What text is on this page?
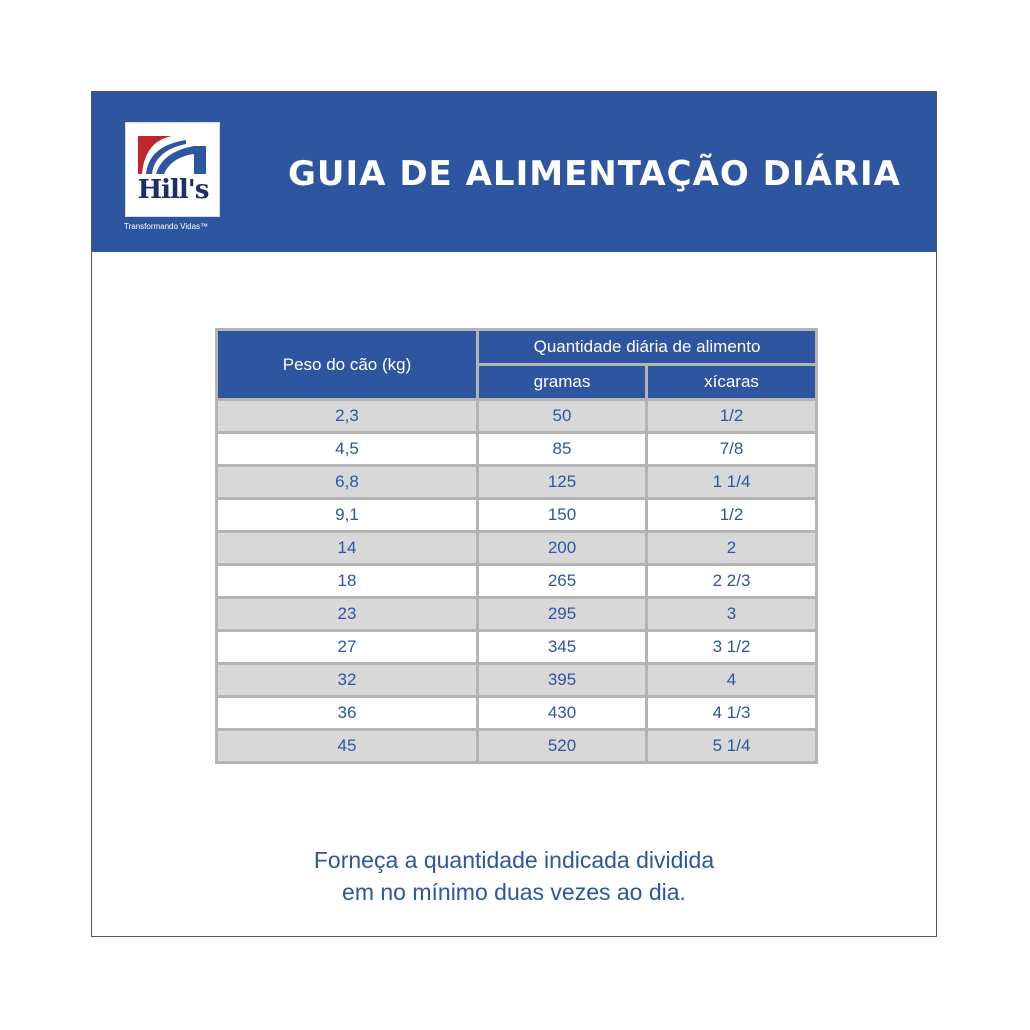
Hill's
Transformando Vidas™
GUIA DE ALIMENTAÇÃO DIÁRIA
Peso do cão (kg)	Quantidade diária de alimento	
	gramas	xícaras
2,3	50	1/2
4,5	85	7/8
6,8	125	1 1/4
9,1	150	1/2
14	200	2
18	265	2 2/3
23	295	3
27	345	3 1/2
32	395	4
36	430	4 1/3
45	520	5 1/4
Forneça a quantidade indicada dividida
em no mínimo duas vezes ao dia.
